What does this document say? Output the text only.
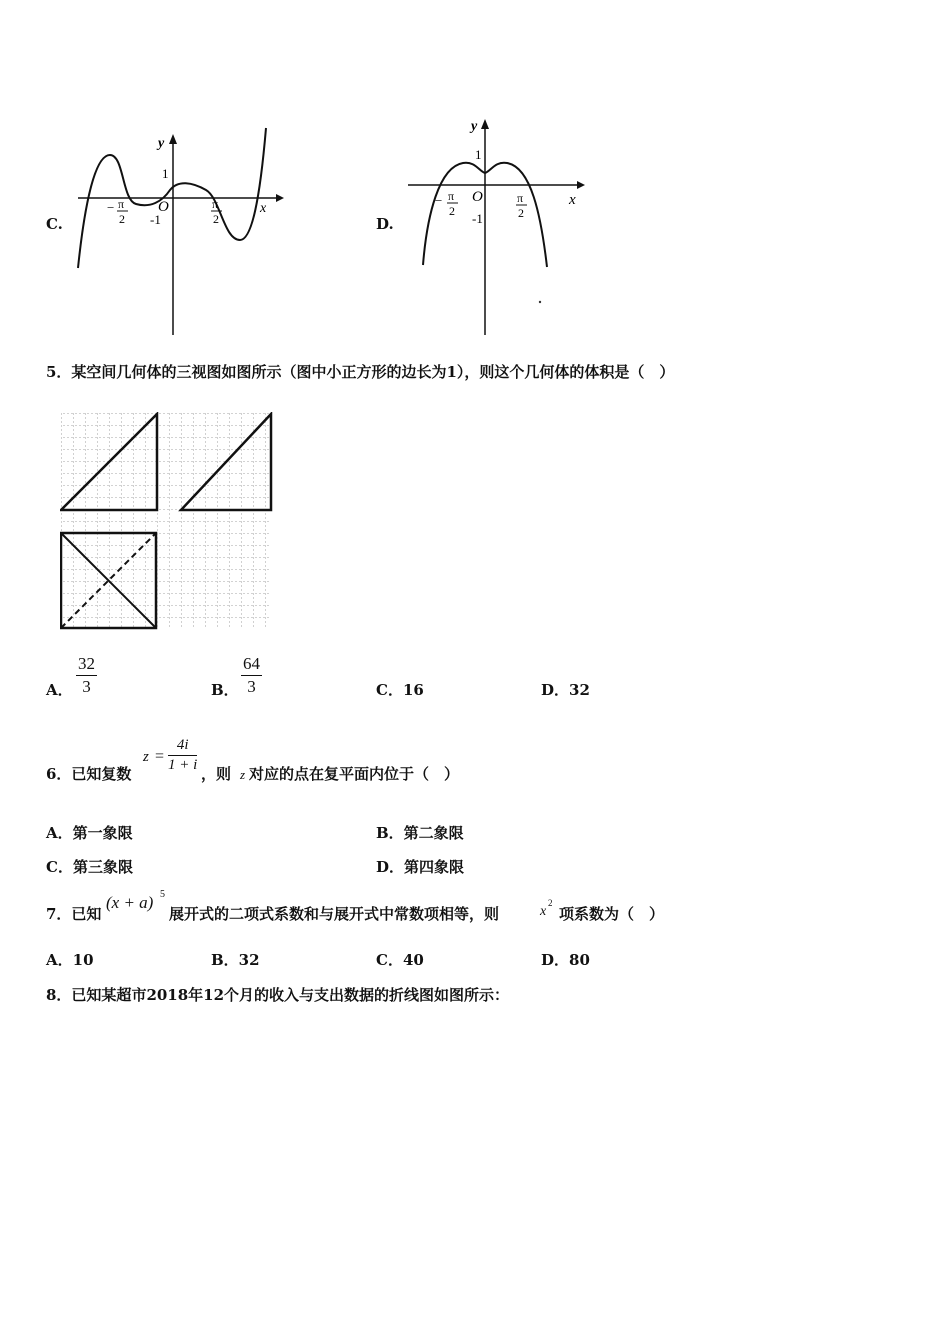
C.
y
x
O
1
-1
− π
2
π
2	D.
y
x
O
1
-1
− π
2
π
2
5．某空间几何体的三视图如图所示（图中小正方形的边长为1），则这个几何体的体积是（　）
A． $\frac{32}{3}$	B． $\frac{64}{3}$	C．16	D．32
6．已知复数
$z = \frac{4i}{1 + i}$ ，则 z 对应的点在复平面内位于（　）
A．第一象限	B．第二象限
C．第三象限	D．第四象限
7．已知
(x + a) 5
展开式的二项式系数和与展开式中常数项相等，则	x
2
项系数为（　）
A．10	B．32	C．40	D．80
8．已知某超市2018年12个月的收入与支出数据的折线图如图所示：
